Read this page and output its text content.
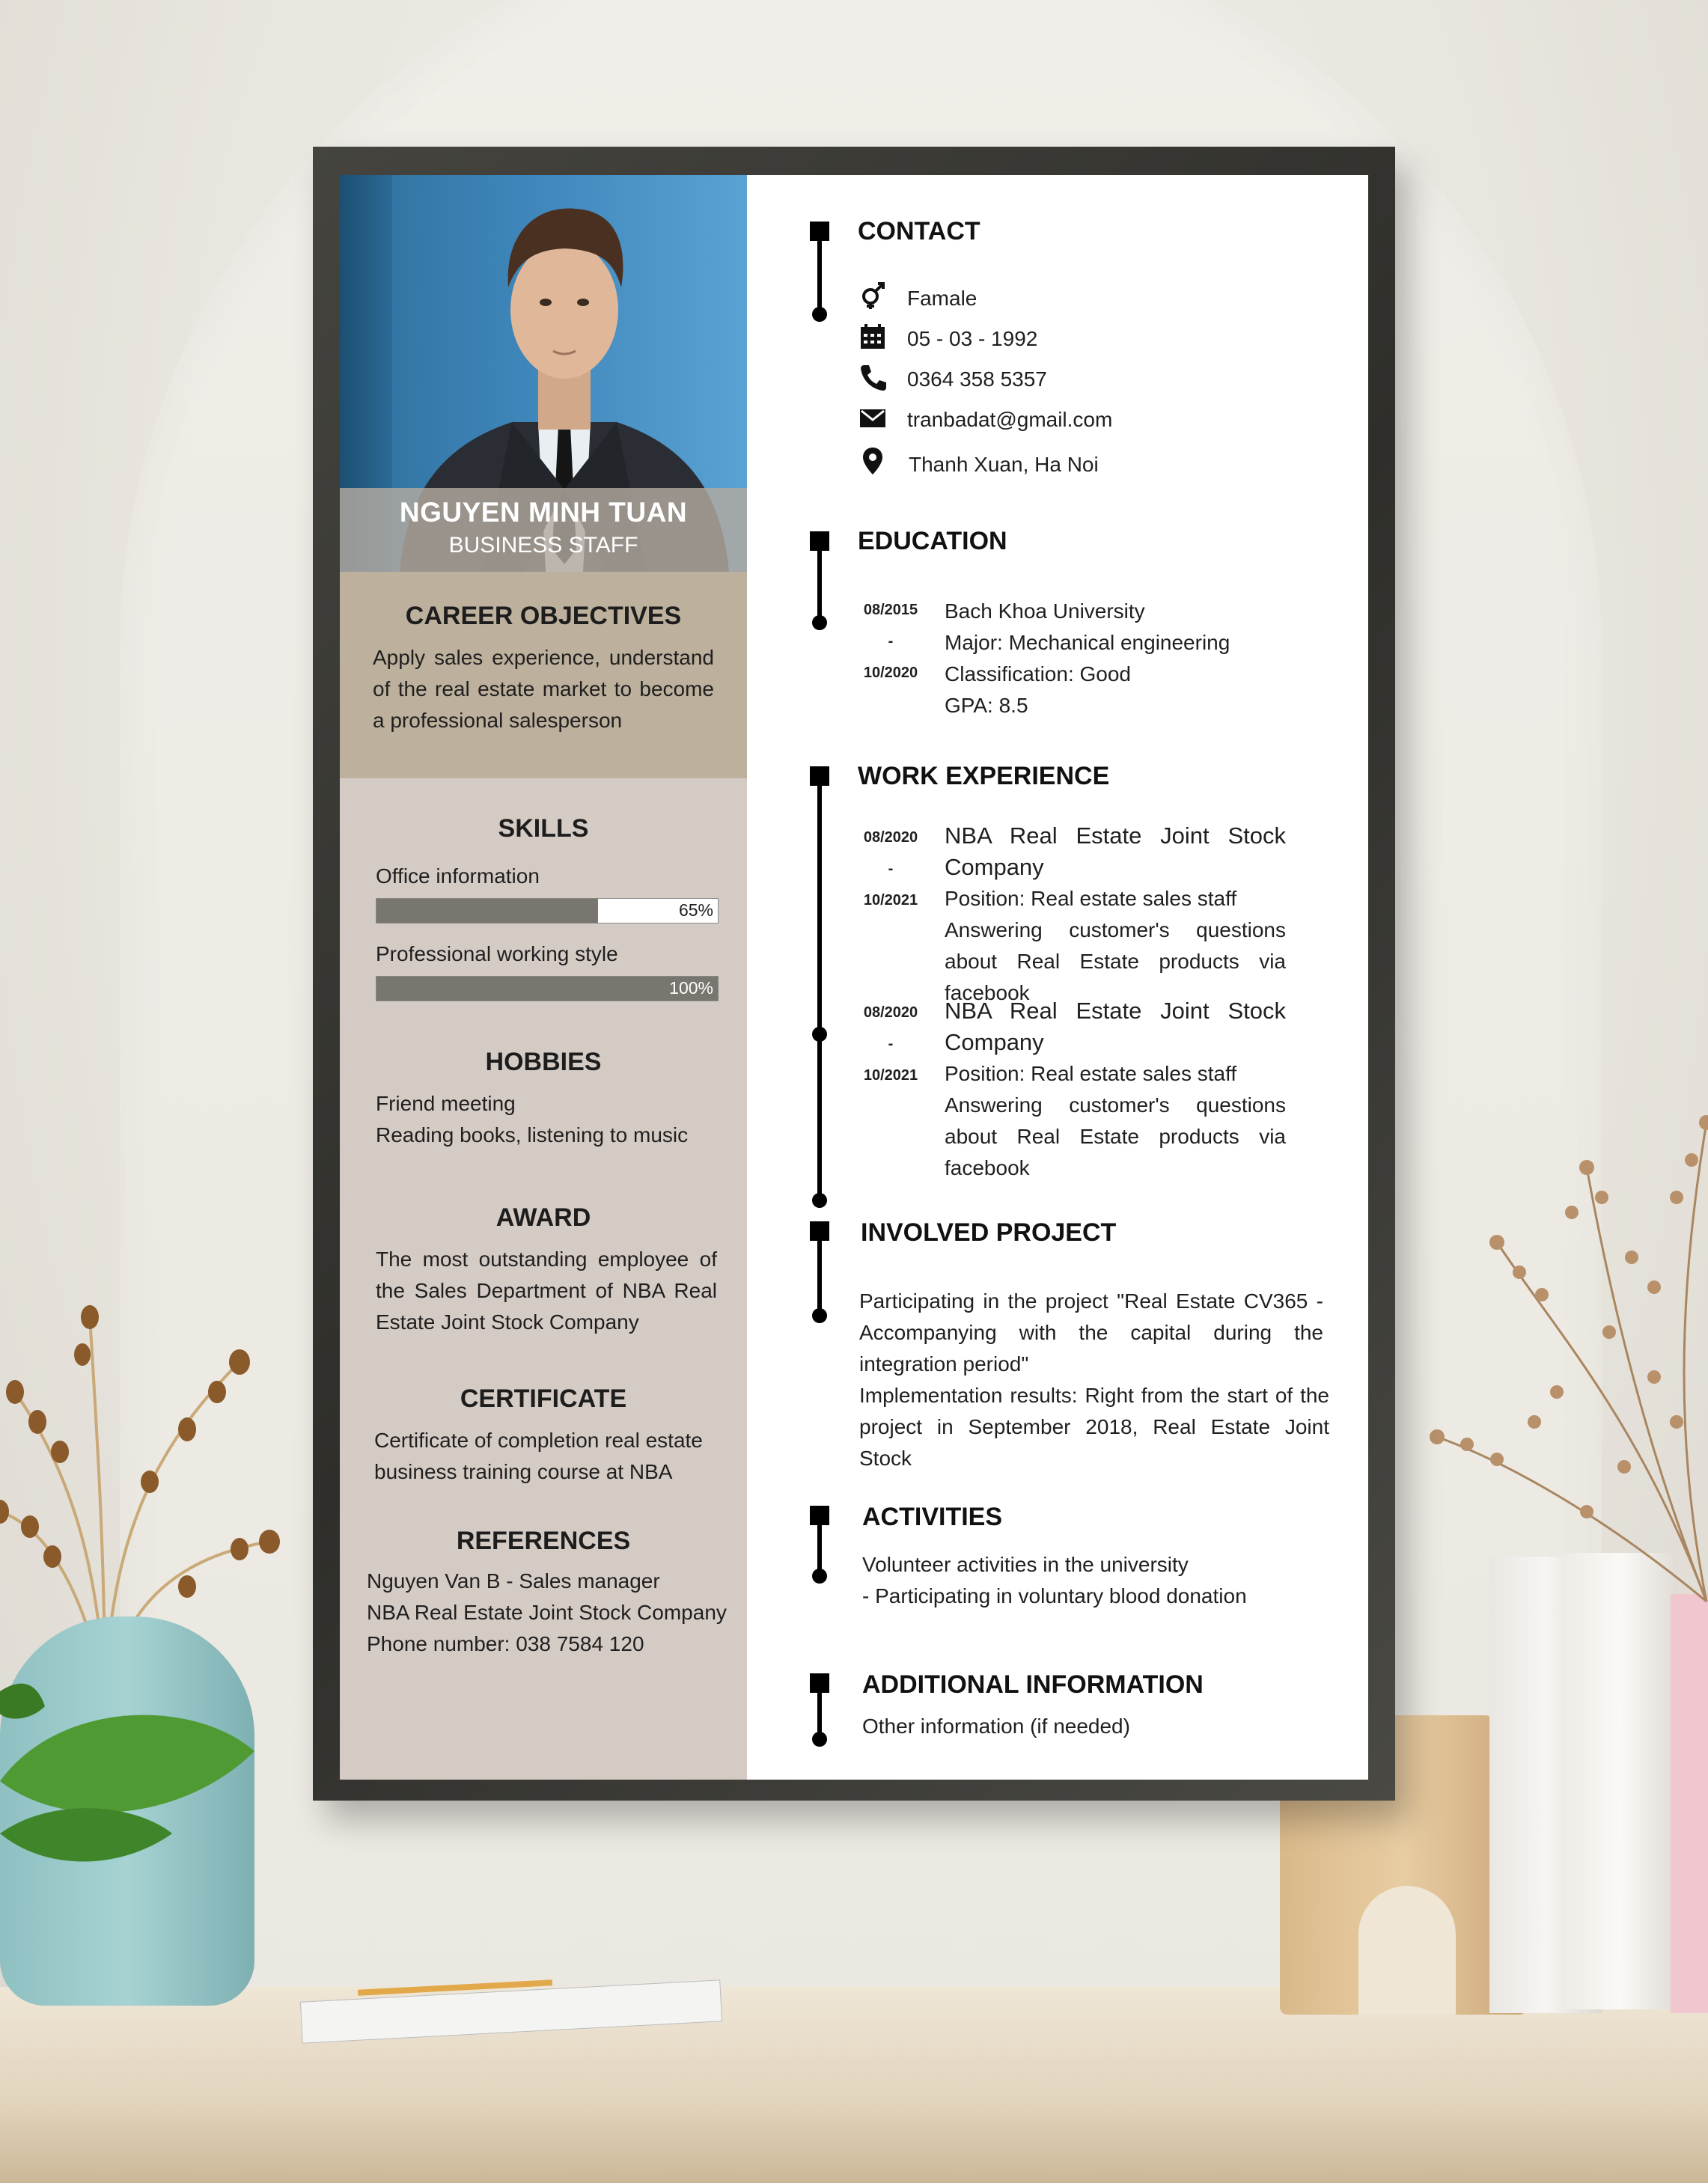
NGUYEN MINH TUAN
BUSINESS STAFF
CAREER OBJECTIVES
Apply sales experience, understand of the real estate market to become a professional salesperson
SKILLS
Office information
65%
Professional working style
100%
HOBBIES
Friend meeting
Reading books, listening to music
AWARD
The most outstanding employee of the Sales Department of NBA Real Estate Joint Stock Company
CERTIFICATE
Certificate of completion real estate business training course at NBA
REFERENCES
Nguyen Van B - Sales manager
NBA Real Estate Joint Stock Company
Phone number: 038 7584 120
CONTACT
Famale
05 - 03 - 1992
0364 358 5357
tranbadat@gmail.com
Thanh Xuan, Ha Noi
EDUCATION
08/2015
-
10/2020
Bach Khoa University
Major: Mechanical engineering
Classification: Good
GPA: 8.5
WORK EXPERIENCE
08/2020
-
10/2021
NBA Real Estate Joint Stock Company
Position: Real estate sales staff
Answering customer's questions about Real Estate products via facebook
08/2020
-
10/2021
NBA Real Estate Joint Stock Company
Position: Real estate sales staff
Answering customer's questions about Real Estate products via facebook
INVOLVED PROJECT
Participating in the project "Real Estate CV365 - Accompanying with the capital during the integration period"
Implementation results: Right from the start of the project in September 2018, Real Estate Joint Stock
ACTIVITIES
Volunteer activities in the university
- Participating in voluntary blood donation
ADDITIONAL INFORMATION
Other information (if needed)
